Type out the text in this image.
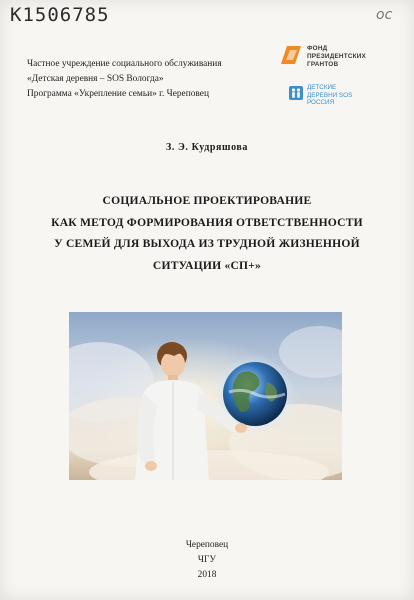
K1506785	ос
Частное учреждение социального обслуживания
«Детская деревня – SOS Вологда»
Программа «Укрепление семьи» г. Череповец
ФОНД
ПРЕЗИДЕНТСКИХ
ГРАНТОВ
ДЕТСКИЕ
ДЕРЕВНИ SOS
РОССИЯ
З. Э. Кудряшова
СОЦИАЛЬНОЕ ПРОЕКТИРОВАНИЕ
КАК МЕТОД ФОРМИРОВАНИЯ ОТВЕТСТВЕННОСТИ
У СЕМЕЙ ДЛЯ ВЫХОДА ИЗ ТРУДНОЙ ЖИЗНЕННОЙ
СИТУАЦИИ «СП+»
Череповец
ЧГУ
2018
